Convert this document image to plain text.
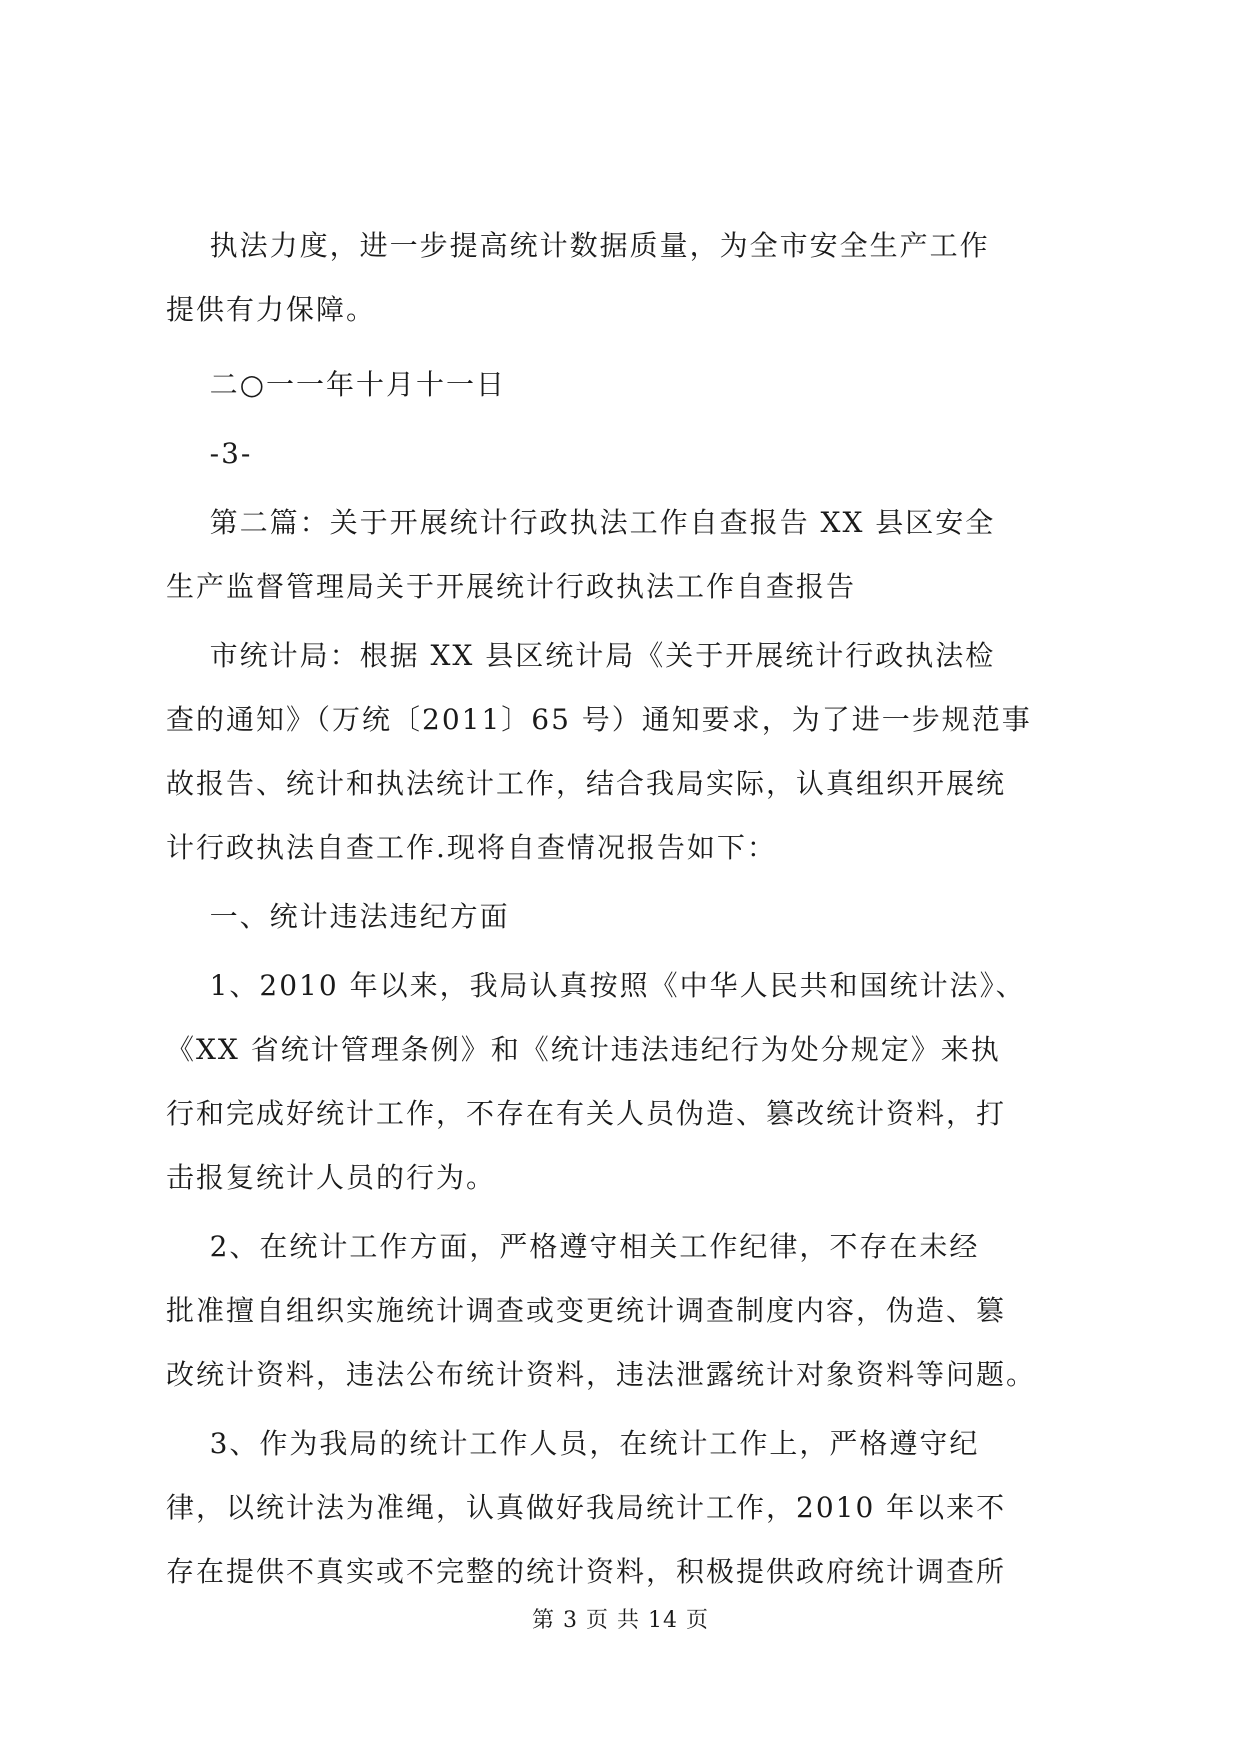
执法力度，进一步提高统计数据质量，为全市安全生产工作
提供有力保障。
二○一一年十月十一日
-3-
第二篇：关于开展统计行政执法工作自查报告 XX 县区安全
生产监督管理局关于开展统计行政执法工作自查报告
市统计局：根据 XX 县区统计局《关于开展统计行政执法检
查的通知》（万统〔2011〕65 号）通知要求，为了进一步规范事
故报告、统计和执法统计工作，结合我局实际，认真组织开展统
计行政执法自查工作.现将自查情况报告如下：
一、统计违法违纪方面
1、2010 年以来，我局认真按照《中华人民共和国统计法》、
《XX 省统计管理条例》和《统计违法违纪行为处分规定》来执
行和完成好统计工作，不存在有关人员伪造、篡改统计资料，打
击报复统计人员的行为。
2、在统计工作方面，严格遵守相关工作纪律，不存在未经
批准擅自组织实施统计调查或变更统计调查制度内容，伪造、篡
改统计资料，违法公布统计资料，违法泄露统计对象资料等问题。
3、作为我局的统计工作人员，在统计工作上，严格遵守纪
律，以统计法为准绳，认真做好我局统计工作，2010 年以来不
存在提供不真实或不完整的统计资料，积极提供政府统计调查所
第 3 页 共 14 页
